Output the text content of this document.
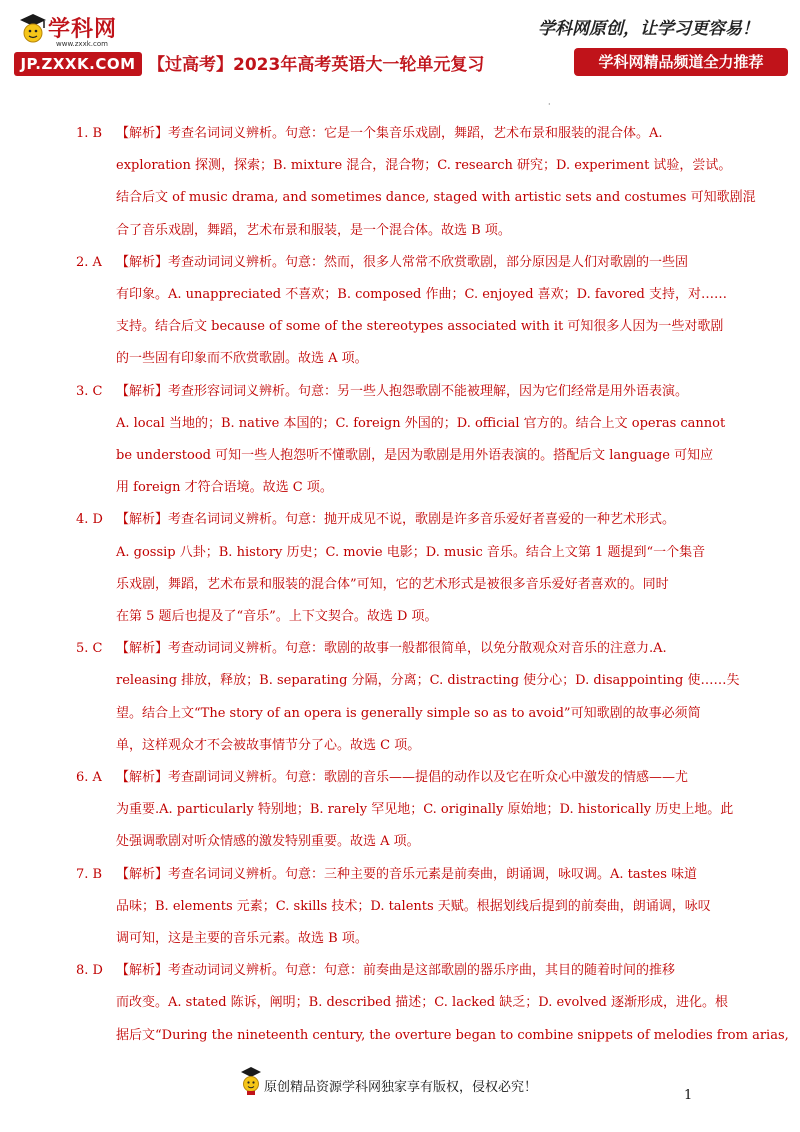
学科网
www.zxxk.com
JP.ZXXK.COM 【过高考】2023年高考英语大一轮单元复习
学科网原创，让学习更容易！
学科网精品频道全力推荐
·
1. B	【解析】考查名词词义辨析。句意：它是一个集音乐戏剧，舞蹈，艺术布景和服装的混合体。A.
exploration 探测，探索；B. mixture 混合，混合物；C. research 研究；D. experiment 试验，尝试。
结合后文 of music drama, and sometimes dance, staged with artistic sets and costumes 可知歌剧混
合了音乐戏剧，舞蹈，艺术布景和服装，是一个混合体。故选 B 项。
2. A	【解析】考查动词词义辨析。句意：然而，很多人常常不欣赏歌剧，部分原因是人们对歌剧的一些固
有印象。A. unappreciated 不喜欢；B. composed 作曲；C. enjoyed 喜欢；D. favored 支持，对……
支持。结合后文 because of some of the stereotypes associated with it 可知很多人因为一些对歌剧
的一些固有印象而不欣赏歌剧。故选 A 项。
3. C	【解析】考查形容词词义辨析。句意：另一些人抱怨歌剧不能被理解，因为它们经常是用外语表演。
A. local 当地的；B. native 本国的；C. foreign 外国的；D. official 官方的。结合上文 operas cannot
be understood 可知一些人抱怨听不懂歌剧，是因为歌剧是用外语表演的。搭配后文 language 可知应
用 foreign 才符合语境。故选 C 项。
4. D	【解析】考查名词词义辨析。句意：抛开成见不说，歌剧是许多音乐爱好者喜爱的一种艺术形式。
A. gossip 八卦；B. history 历史；C. movie 电影；D. music 音乐。结合上文第 1 题提到“一个集音
乐戏剧，舞蹈，艺术布景和服装的混合体”可知，它的艺术形式是被很多音乐爱好者喜欢的。同时
在第 5 题后也提及了“音乐”。上下文契合。故选 D 项。
5. C	【解析】考查动词词义辨析。句意：歌剧的故事一般都很简单，以免分散观众对音乐的注意力.A.
releasing 排放，释放；B. separating 分隔，分离；C. distracting 使分心；D. disappointing 使……失
望。结合上文“The story of an opera is generally simple so as to avoid”可知歌剧的故事必须简
单，这样观众才不会被故事情节分了心。故选 C 项。
6. A	【解析】考查副词词义辨析。句意：歌剧的音乐——提倡的动作以及它在听众心中激发的情感——尤
为重要.A. particularly 特别地；B. rarely 罕见地；C. originally 原始地；D. historically 历史上地。此
处强调歌剧对听众情感的激发特别重要。故选 A 项。
7. B	【解析】考查名词词义辨析。句意：三种主要的音乐元素是前奏曲，朗诵调，咏叹调。A. tastes 味道
品味；B. elements 元素；C. skills 技术；D. talents 天赋。根据划线后提到的前奏曲，朗诵调，咏叹
调可知，这是主要的音乐元素。故选 B 项。
8. D	【解析】考查动词词义辨析。句意：句意：前奏曲是这部歌剧的器乐序曲，其目的随着时间的推移
而改变。A. stated 陈诉，阐明；B. described 描述；C. lacked 缺乏；D. evolved 逐渐形成，进化。根
据后文“During the nineteenth century, the overture began to combine snippets of melodies from arias,
原创精品资源学科网独家享有版权，侵权必究！
1
